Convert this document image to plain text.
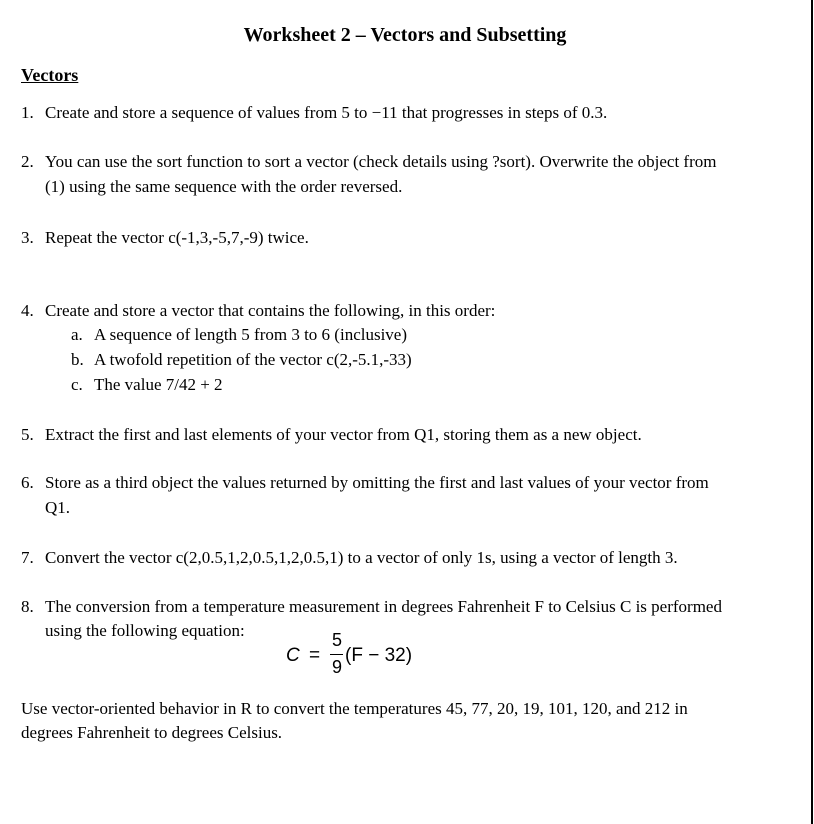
Worksheet 2 – Vectors and Subsetting
Vectors
1. Create and store a sequence of values from 5 to −11 that progresses in steps of 0.3.
2. You can use the sort function to sort a vector (check details using ?sort). Overwrite the object from
(1) using the same sequence with the order reversed.
3. Repeat the vector c(-1,3,-5,7,-9) twice.
4. Create and store a vector that contains the following, in this order:
a. A sequence of length 5 from 3 to 6 (inclusive)
b. A twofold repetition of the vector c(2,-5.1,-33)
c. The value 7/42 + 2
5. Extract the first and last elements of your vector from Q1, storing them as a new object.
6. Store as a third object the values returned by omitting the first and last values of your vector from
Q1.
7. Convert the vector c(2,0.5,1,2,0.5,1,2,0.5,1) to a vector of only 1s, using a vector of length 3.
8. The conversion from a temperature measurement in degrees Fahrenheit F to Celsius C is performed
using the following equation:
C =
5
9
(F − 32)
Use vector-oriented behavior in R to convert the temperatures 45, 77, 20, 19, 101, 120, and 212 in
degrees Fahrenheit to degrees Celsius.
